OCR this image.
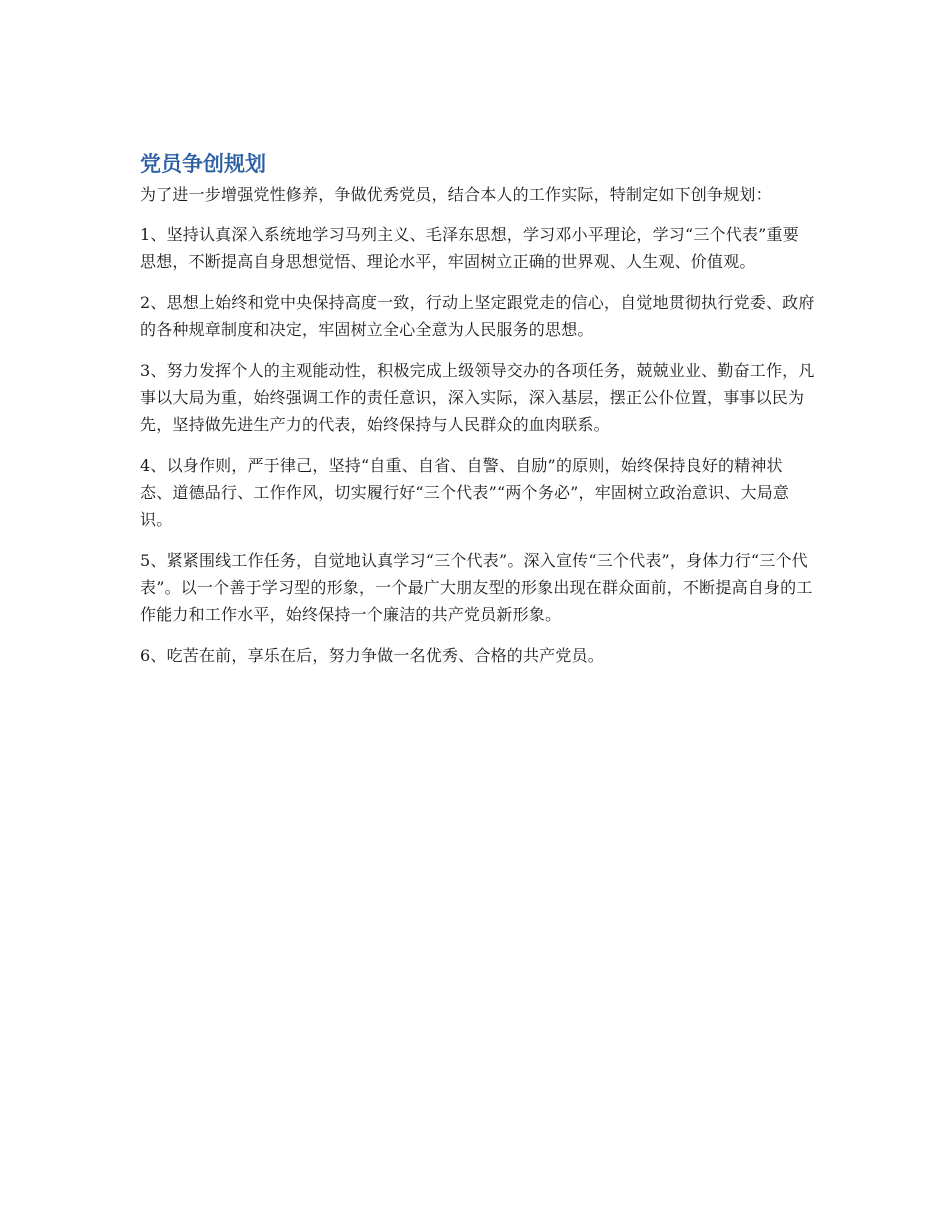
党员争创规划

为了进一步增强党性修养，争做优秀党员，结合本人的工作实际，特制定如下创争规划：

1、坚持认真深入系统地学习马列主义、毛泽东思想，学习邓小平理论，学习“三个代表”重要思想，不断提高自身思想觉悟、理论水平，牢固树立正确的世界观、人生观、价值观。

2、思想上始终和党中央保持高度一致，行动上坚定跟党走的信心，自觉地贯彻执行党委、政府的各种规章制度和决定，牢固树立全心全意为人民服务的思想。

3、努力发挥个人的主观能动性，积极完成上级领导交办的各项任务，兢兢业业、勤奋工作，凡事以大局为重，始终强调工作的责任意识，深入实际，深入基层，摆正公仆位置，事事以民为先，坚持做先进生产力的代表，始终保持与人民群众的血肉联系。

4、以身作则，严于律己，坚持“自重、自省、自警、自励”的原则，始终保持良好的精神状态、道德品行、工作作风，切实履行好“三个代表”“两个务必”，牢固树立政治意识、大局意识。

5、紧紧围线工作任务，自觉地认真学习“三个代表”。深入宣传“三个代表”，身体力行“三个代表”。以一个善于学习型的形象，一个最广大朋友型的形象出现在群众面前，不断提高自身的工作能力和工作水平，始终保持一个廉洁的共产党员新形象。

6、吃苦在前，享乐在后，努力争做一名优秀、合格的共产党员。
